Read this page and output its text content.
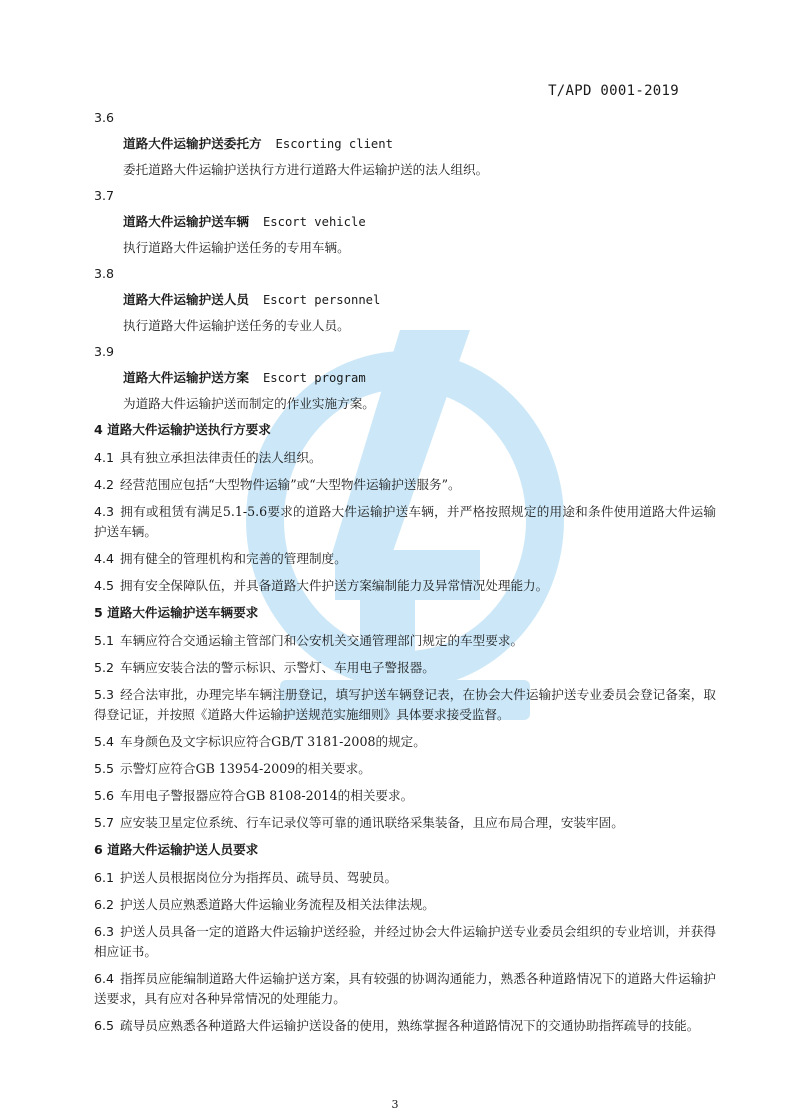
T/APD 0001-2019
3.6
道路大件运输护送委托方 Escorting client
委托道路大件运输护送执行方进行道路大件运输护送的法人组织。
3.7
道路大件运输护送车辆 Escort vehicle
执行道路大件运输护送任务的专用车辆。
3.8
道路大件运输护送人员 Escort personnel
执行道路大件运输护送任务的专业人员。
3.9
道路大件运输护送方案 Escort program
为道路大件运输护送而制定的作业实施方案。
4 道路大件运输护送执行方要求
4.1 具有独立承担法律责任的法人组织。
4.2 经营范围应包括“大型物件运输”或“大型物件运输护送服务”。
4.3 拥有或租赁有满足5.1-5.6要求的道路大件运输护送车辆，并严格按照规定的用途和条件使用道路大件运输护送车辆。
4.4 拥有健全的管理机构和完善的管理制度。
4.5 拥有安全保障队伍，并具备道路大件护送方案编制能力及异常情况处理能力。
5 道路大件运输护送车辆要求
5.1 车辆应符合交通运输主管部门和公安机关交通管理部门规定的车型要求。
5.2 车辆应安装合法的警示标识、示警灯、车用电子警报器。
5.3 经合法审批，办理完毕车辆注册登记，填写护送车辆登记表，在协会大件运输护送专业委员会登记备案，取得登记证，并按照《道路大件运输护送规范实施细则》具体要求接受监督。
5.4 车身颜色及文字标识应符合GB/T 3181-2008的规定。
5.5 示警灯应符合GB 13954-2009的相关要求。
5.6 车用电子警报器应符合GB 8108-2014的相关要求。
5.7 应安装卫星定位系统、行车记录仪等可靠的通讯联络采集装备，且应布局合理，安装牢固。
6 道路大件运输护送人员要求
6.1 护送人员根据岗位分为指挥员、疏导员、驾驶员。
6.2 护送人员应熟悉道路大件运输业务流程及相关法律法规。
6.3 护送人员具备一定的道路大件运输护送经验，并经过协会大件运输护送专业委员会组织的专业培训，并获得相应证书。
6.4 指挥员应能编制道路大件运输护送方案，具有较强的协调沟通能力，熟悉各种道路情况下的道路大件运输护送要求，具有应对各种异常情况的处理能力。
6.5 疏导员应熟悉各种道路大件运输护送设备的使用，熟练掌握各种道路情况下的交通协助指挥疏导的技能。
3
